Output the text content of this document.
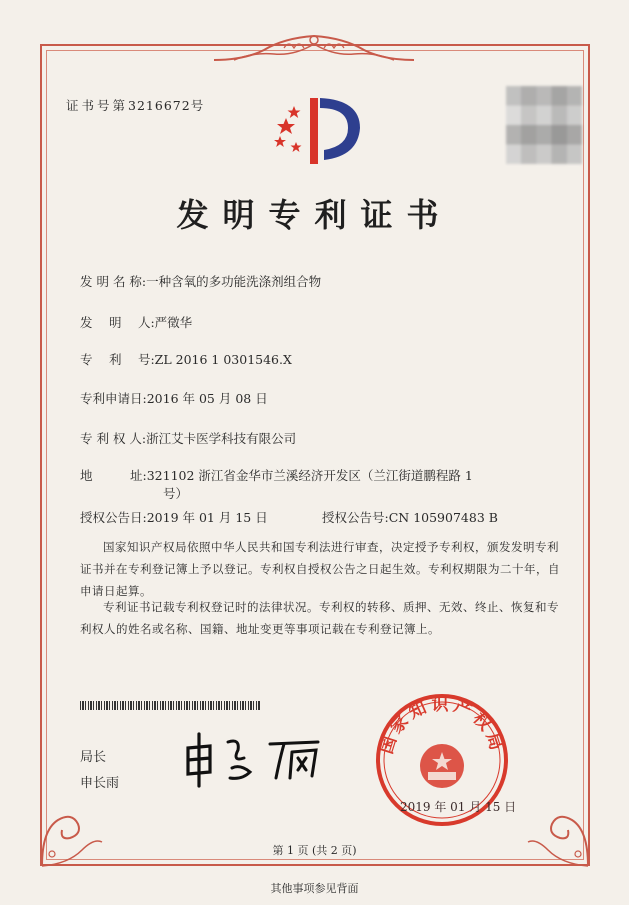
证书号第3216672号
发明专利证书
发 明 名 称:一种含氧的多功能洗涤剂组合物
发　 明　 人:严徵华
专　 利　 号:ZL 2016 1 0301546.X
专利申请日:2016 年 05 月 08 日
专 利 权 人:浙江艾卡医学科技有限公司
地　　　址:321102 浙江省金华市兰溪经济开发区（兰江街道鹏程路 1
号）
授权公告日:2019 年 01 月 15 日	授权公告号:CN 105907483 B
国家知识产权局依照中华人民共和国专利法进行审查，决定授予专利权，颁发发明专利证书并在专利登记簿上予以登记。专利权自授权公告之日起生效。专利权期限为二十年，自申请日起算。
专利证书记载专利权登记时的法律状况。专利权的转移、质押、无效、终止、恢复和专利权人的姓名或名称、国籍、地址变更等事项记载在专利登记簿上。
局长
申长雨
国家知识产权局
2019 年 01 月 15 日
第 1 页 (共 2 页)
其他事项参见背面
